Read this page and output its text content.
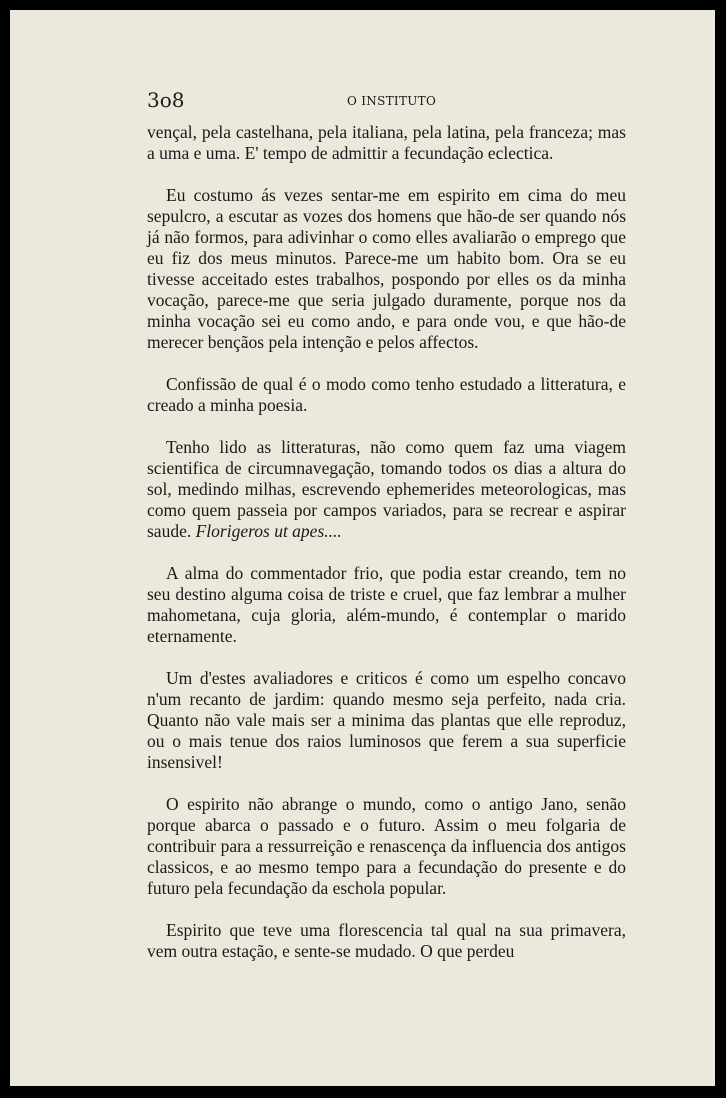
3o8	O INSTITUTO

vençal, pela castelhana, pela italiana, pela latina, pela franceza; mas a uma e uma. E' tempo de admittir a fecundação eclectica.

Eu costumo ás vezes sentar-me em espirito em cima do meu sepulcro, a escutar as vozes dos homens que hão-de ser quando nós já não formos, para adivinhar o como elles avaliarão o emprego que eu fiz dos meus minutos. Parece-me um habito bom. Ora se eu tivesse acceitado estes trabalhos, pospondo por elles os da minha vocação, parece-me que seria julgado duramente, porque nos da minha vocação sei eu como ando, e para onde vou, e que hão-de merecer bençãos pela intenção e pelos affectos.

Confissão de qual é o modo como tenho estudado a litteratura, e creado a minha poesia.

Tenho lido as litteraturas, não como quem faz uma viagem scientifica de circumnavegação, tomando todos os dias a altura do sol, medindo milhas, escrevendo ephemerides meteorologicas, mas como quem passeia por campos variados, para se recrear e aspirar saude. Florigeros ut apes....

A alma do commentador frio, que podia estar creando, tem no seu destino alguma coisa de triste e cruel, que faz lembrar a mulher mahometana, cuja gloria, além-mundo, é contemplar o marido eternamente.

Um d'estes avaliadores e criticos é como um espelho concavo n'um recanto de jardim: quando mesmo seja perfeito, nada cria. Quanto não vale mais ser a minima das plantas que elle reproduz, ou o mais tenue dos raios luminosos que ferem a sua superficie insensivel!

O espirito não abrange o mundo, como o antigo Jano, senão porque abarca o passado e o futuro. Assim o meu folgaria de contribuir para a ressurreição e renascença da influencia dos antigos classicos, e ao mesmo tempo para a fecundação do presente e do futuro pela fecundação da eschola popular.

Espirito que teve uma florescencia tal qual na sua primavera, vem outra estação, e sente-se mudado. O que perdeu
